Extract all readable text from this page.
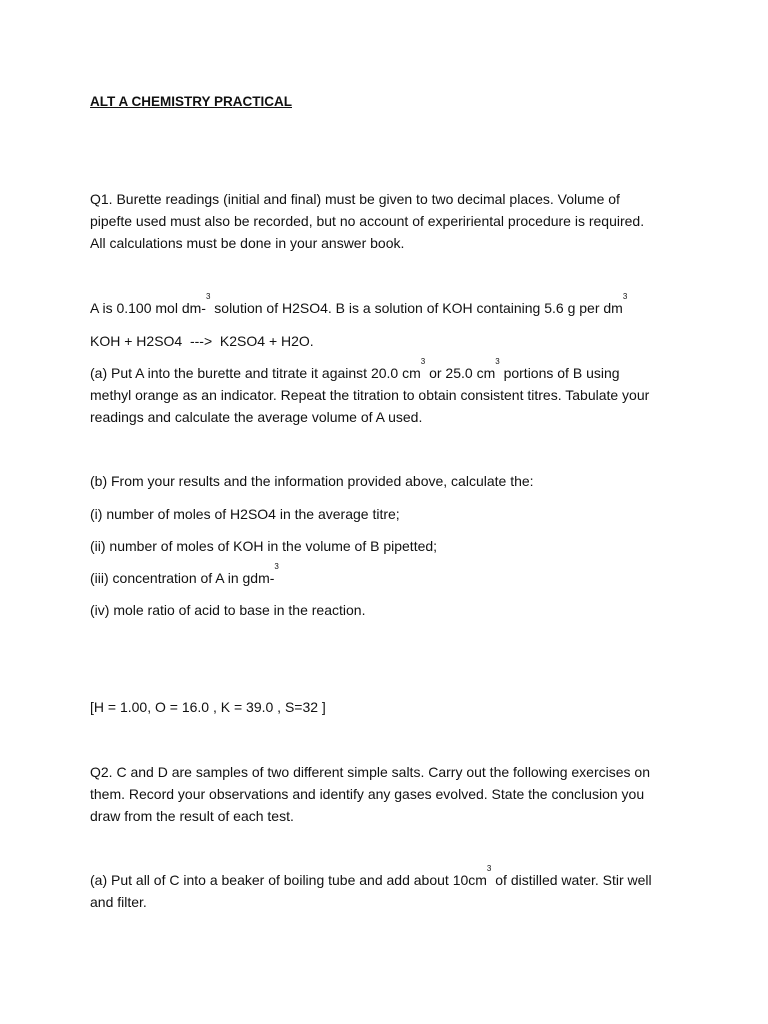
ALT A CHEMISTRY PRACTICAL
Q1. Burette readings (initial and final) must be given to two decimal places. Volume of
pipefte used must also be recorded, but no account of expeririental procedure is required.
All calculations must be done in your answer book.
A is 0.100 mol dm-$^3$ solution of H2SO4. B is a solution of KOH containing 5.6 g per $dm^3$
KOH + H2SO4  --->  K2SO4 + H2O.
(a) Put A into the burette and titrate it against 20.0 $cm^3$ or 25.0 $cm^3$ portions of B using
methyl orange as an indicator. Repeat the titration to obtain consistent titres. Tabulate your
readings and calculate the average volume of A used.
(b) From your results and the information provided above, calculate the:
(i) number of moles of H2SO4 in the average titre;
(ii) number of moles of KOH in the volume of B pipetted;
(iii) concentration of A in gdm-$^3$
(iv) mole ratio of acid to base in the reaction.
[H = 1.00, O = 16.0 , K = 39.0 , S=32 ]
Q2. C and D are samples of two different simple salts. Carry out the following exercises on
them. Record your observations and identify any gases evolved. State the conclusion you
draw from the result of each test.
(a) Put all of C into a beaker of boiling tube and add about $10cm^3$ of distilled water. Stir well
and filter.
